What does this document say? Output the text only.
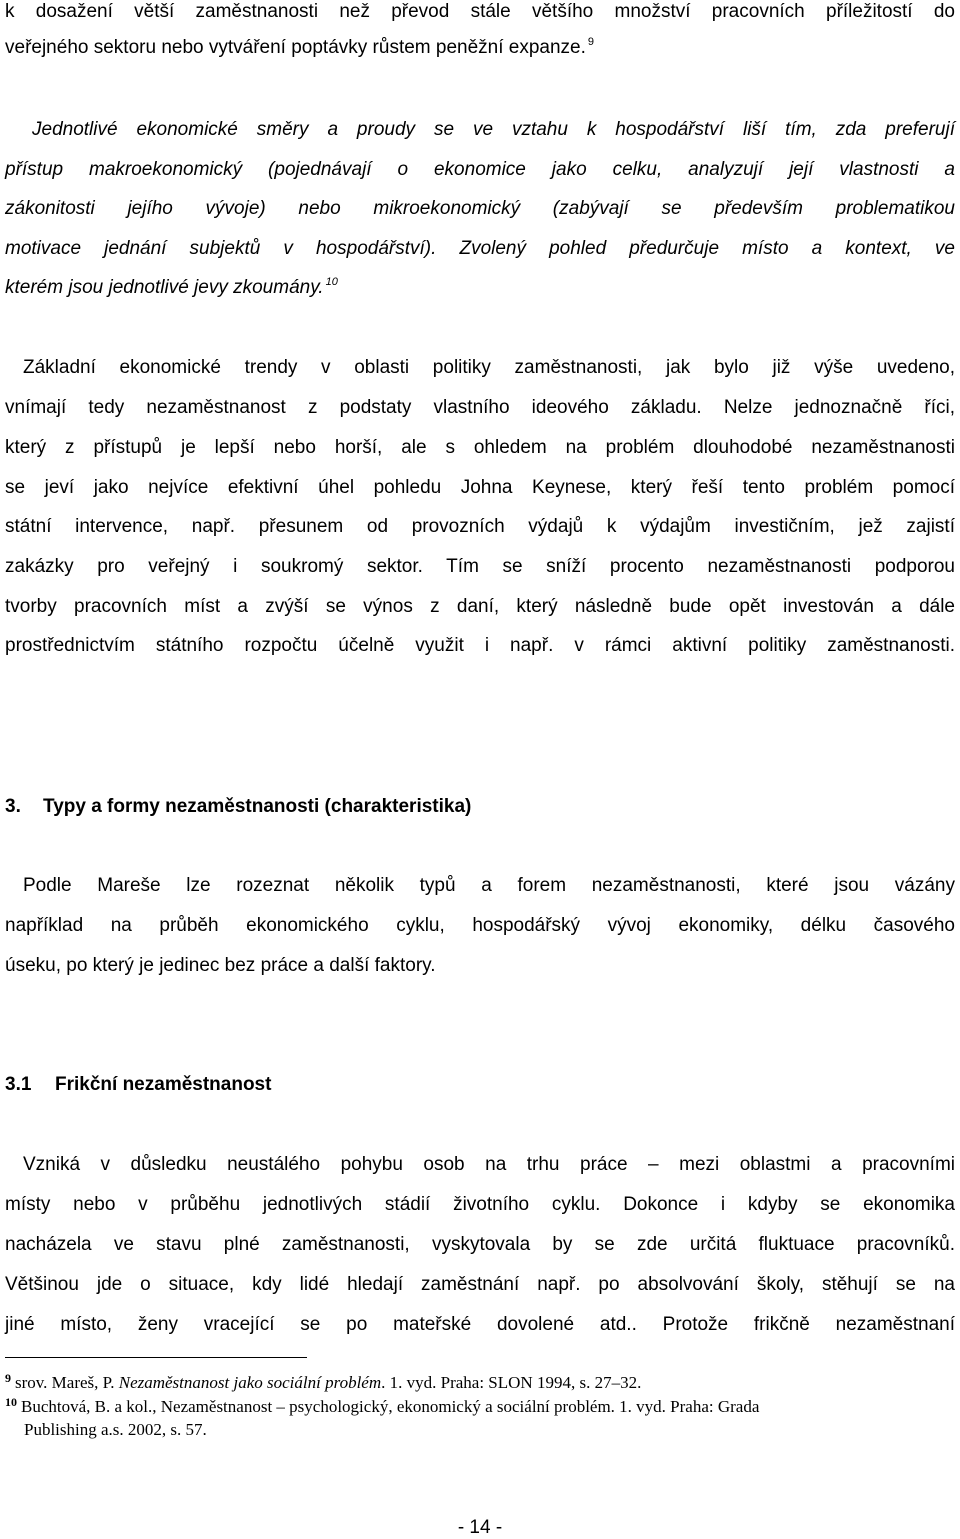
k dosažení větší zaměstnanosti než převod stále většího množství pracovních příležitostí do
veřejného sektoru nebo vytváření poptávky růstem peněžní expanze. $^9$
Jednotlivé ekonomické směry a proudy se ve vztahu k hospodářství liší tím, zda preferují
přístup makroekonomický (pojednávají o ekonomice jako celku, analyzují její vlastnosti a
zákonitosti jejího vývoje) nebo mikroekonomický (zabývají se především problematikou
motivace jednání subjektů v hospodářství). Zvolený pohled předurčuje místo a kontext, ve
kterém jsou jednotlivé jevy zkoumány. $^{10}$
Základní ekonomické trendy v oblasti politiky zaměstnanosti, jak bylo již výše uvedeno,
vnímají tedy nezaměstnanost z podstaty vlastního ideového základu. Nelze jednoznačně říci,
který z přístupů je lepší nebo horší, ale s ohledem na problém dlouhodobé nezaměstnanosti
se jeví jako nejvíce efektivní úhel pohledu Johna Keynese, který řeší tento problém pomocí
státní intervence, např. přesunem od provozních výdajů k výdajům investičním, jež zajistí
zakázky pro veřejný i soukromý sektor. Tím se sníží procento nezaměstnanosti podporou
tvorby pracovních míst a zvýší se výnos z daní, který následně bude opět investován a dále
prostřednictvím státního rozpočtu účelně využit i např. v rámci aktivní politiky zaměstnanosti.
3. Typy a formy nezaměstnanosti (charakteristika)
Podle Mareše lze rozeznat několik typů a forem nezaměstnanosti, které jsou vázány
například na průběh ekonomického cyklu, hospodářský vývoj ekonomiky, délku časového
úseku, po který je jedinec bez práce a další faktory.
3.1 Frikční nezaměstnanost
Vzniká v důsledku neustálého pohybu osob na trhu práce – mezi oblastmi a pracovními
místy nebo v průběhu jednotlivých stádií životního cyklu. Dokonce i kdyby se ekonomika
nacházela ve stavu plné zaměstnanosti, vyskytovala by se zde určitá fluktuace pracovníků.
Většinou jde o situace, kdy lidé hledají zaměstnání např. po absolvování školy, stěhují se na
jiné místo, ženy vracející se po mateřské dovolené atd.. Protože frikčně nezaměstnaní
$^9$ srov. Mareš, P. Nezaměstnanost jako sociální problém. 1. vyd. Praha: SLON 1994, s. 27–32.
$^{10}$ Buchtová, B. a kol., Nezaměstnanost – psychologický, ekonomický a sociální problém. 1. vyd. Praha: Grada
Publishing a.s. 2002, s. 57.
- 14 -
